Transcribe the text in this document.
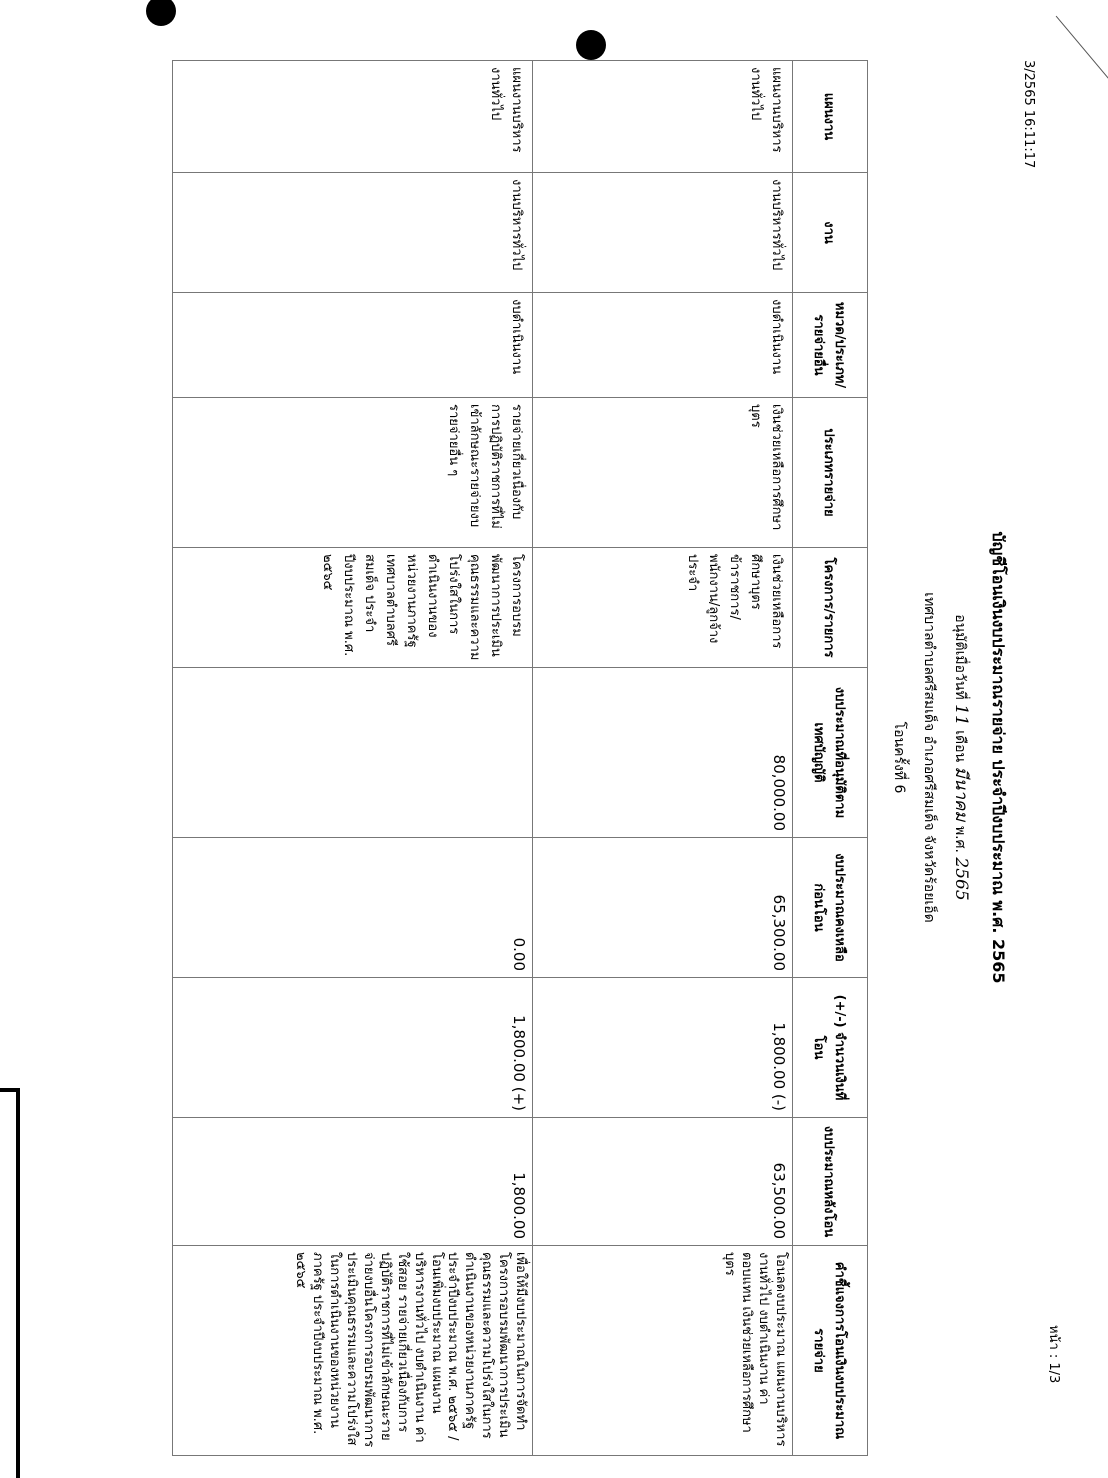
3/2565 16:11:17
หน้า : 1/3
บัญชีโอนเงินงบประมาณรายจ่าย ประจำปีงบประมาณ พ.ศ. 2565
อนุมัติเมื่อวันที่ 11 เดือน มีนาคม พ.ศ. 2565
เทศบาลตำบลศรีสมเด็จ อำเภอศรีสมเด็จ จังหวัดร้อยเอ็ด
โอนครั้งที่ 6
แผนงาน	งาน	หมวด/ประเภท/รายจ่ายอื่น	ประเภทรายจ่าย	โครงการ/รายการ	งบประมาณที่อนุมัติตามเทศบัญญัติ	งบประมาณคงเหลือก่อนโอน	(+/-) จำนวนเงินที่โอน	งบประมาณหลังโอน	คำชี้แจงการโอนเงินงบประมาณรายจ่าย
แผนงานบริหารงานทั่วไป	งานบริหารทั่วไป	งบดำเนินงาน	เงินช่วยเหลือการศึกษาบุตร	เงินช่วยเหลือการศึกษาบุตรข้าราชการ/พนักงาน/ลูกจ้างประจำ	80,000.00	65,300.00	1,800.00 (-)	63,500.00	โอนลดงบประมาณ แผนงานบริหารงานทั่วไป งบดำเนินงาน ค่าตอบแทน เงินช่วยเหลือการศึกษาบุตร
แผนงานบริหารงานทั่วไป	งานบริหารทั่วไป	งบดำเนินงาน	รายจ่ายเกี่ยวเนื่องกับการปฏิบัติราชการที่ไม่เข้าลักษณะรายจ่ายงบรายจ่ายอื่น ๆ	โครงการอบรมพัฒนาการประเมินคุณธรรมและความโปร่งใสในการดำเนินงานของหน่วยงานภาครัฐ เทศบาลตำบลศรีสมเด็จ ประจำปีงบประมาณ พ.ศ. ๒๕๖๕		0.00	1,800.00 (+)	1,800.00	เพื่อให้มีงบประมาณในการจัดทำโครงการอบรมพัฒนาการประเมินคุณธรรมและความโปร่งใสในการดำเนินงานของหน่วยงานภาครัฐ ประจำปีงบประมาณ พ.ศ. ๒๕๖๕ / โอนเพิ่มงบประมาณ แผนงานบริหารงานทั่วไป งบดำเนินงาน ค่าใช้สอย รายจ่ายเกี่ยวเนื่องกับการปฏิบัติราชการที่ไม่เข้าลักษณะรายจ่ายงบอื่นโครงการอบรมพัฒนาการประเมินคุณธรรมและความโปร่งใสในการดำเนินงานของหน่วยงานภาครัฐ ประจำปีงบประมาณ พ.ศ. ๒๕๖๕
